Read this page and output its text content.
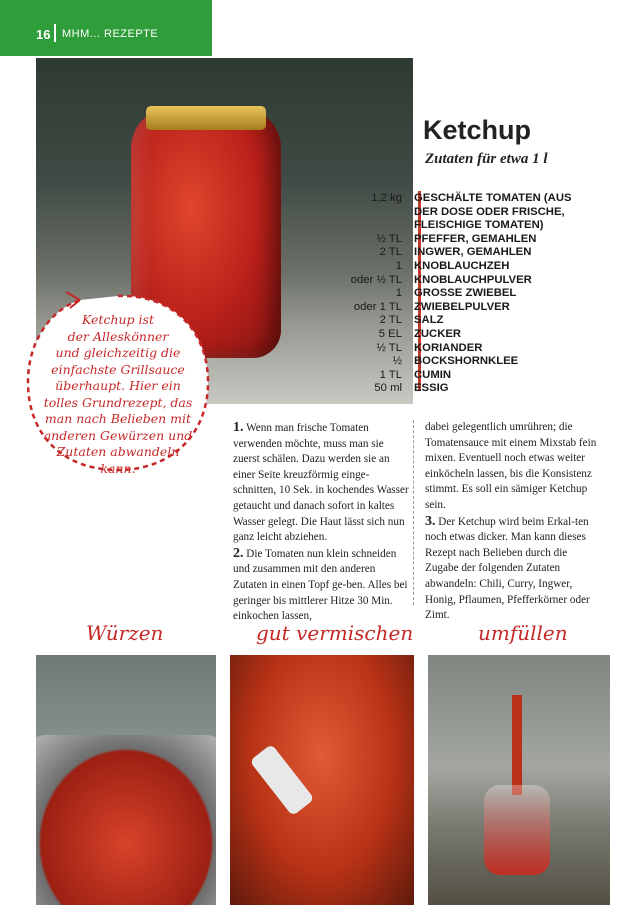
16 MHM... REZEPTE
Ketchup ist
der Alleskönner
und gleichzeitig die
einfachste Grillsauce
überhaupt. Hier ein
tolles Grundrezept, das
man nach Belieben mit
anderen Gewürzen und
Zutaten abwandeln
kann.
Ketchup
Zutaten für etwa 1 l
1,2 kg	GESCHÄLTE TOMATEN (AUS
DER DOSE ODER FRISCHE,
FLEISCHIGE TOMATEN)
½ TL	PFEFFER, GEMAHLEN
2 TL	INGWER, GEMAHLEN
1	KNOBLAUCHZEH
oder ½ TL	KNOBLAUCHPULVER
1	GROSSE ZWIEBEL
oder 1 TL	ZWIEBELPULVER
2 TL	SALZ
5 EL	ZUCKER
½ TL	KORIANDER
½	BOCKSHORNKLEE
1 TL	CUMIN
50 ml	ESSIG
1. Wenn man frische Tomaten verwenden möchte, muss man sie zuerst schälen. Dazu werden sie an einer Seite kreuzförmig einge-schnitten, 10 Sek. in kochendes Wasser getaucht und danach sofort in kaltes Wasser gelegt. Die Haut lässt sich nun ganz leicht abziehen.
2. Die Tomaten nun klein schneiden und zusammen mit den anderen Zutaten in einen Topf ge-ben. Alles bei geringer bis mittlerer Hitze 30 Min. einkochen lassen,
dabei gelegentlich umrühren; die Tomatensauce mit einem Mixstab fein mixen. Eventuell noch etwas weiter einköcheln lassen, bis die Konsistenz stimmt. Es soll ein sämiger Ketchup sein.
3. Der Ketchup wird beim Erkal-ten noch etwas dicker. Man kann dieses Rezept nach Belieben durch die Zugabe der folgenden Zutaten abwandeln: Chili, Curry, Ingwer, Honig, Pflaumen, Pfefferkörner oder Zimt.
Würzen	gut vermischen	umfüllen
